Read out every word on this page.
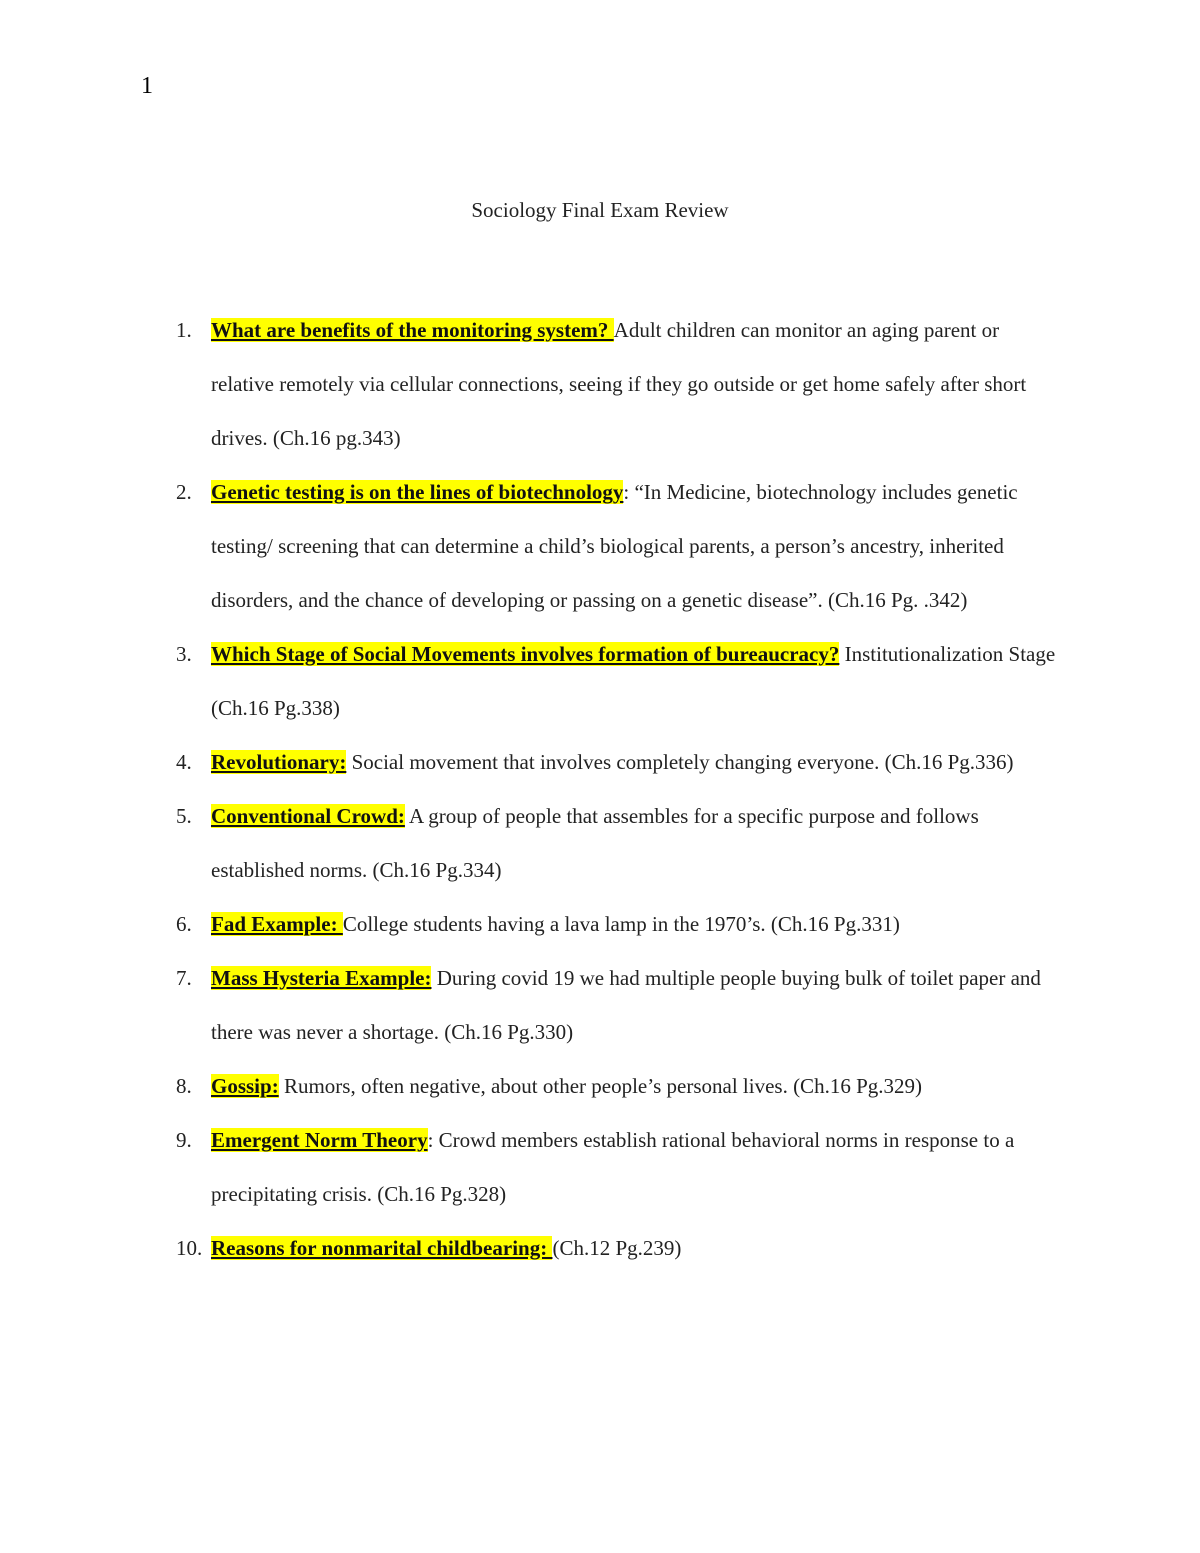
1
Sociology Final Exam Review
1. What are benefits of the monitoring system? Adult children can monitor an aging parent or relative remotely via cellular connections, seeing if they go outside or get home safely after short drives. (Ch.16 pg.343)
2. Genetic testing is on the lines of biotechnology: “In Medicine, biotechnology includes genetic testing/ screening that can determine a child’s biological parents, a person’s ancestry, inherited disorders, and the chance of developing or passing on a genetic disease”. (Ch.16 Pg. .342)
3. Which Stage of Social Movements involves formation of bureaucracy? Institutionalization Stage (Ch.16 Pg.338)
4. Revolutionary: Social movement that involves completely changing everyone. (Ch.16 Pg.336)
5. Conventional Crowd: A group of people that assembles for a specific purpose and follows established norms. (Ch.16 Pg.334)
6. Fad Example: College students having a lava lamp in the 1970’s. (Ch.16 Pg.331)
7. Mass Hysteria Example: During covid 19 we had multiple people buying bulk of toilet paper and there was never a shortage. (Ch.16 Pg.330)
8. Gossip: Rumors, often negative, about other people’s personal lives. (Ch.16 Pg.329)
9. Emergent Norm Theory: Crowd members establish rational behavioral norms in response to a precipitating crisis. (Ch.16 Pg.328)
10. Reasons for nonmarital childbearing: (Ch.12 Pg.239)
